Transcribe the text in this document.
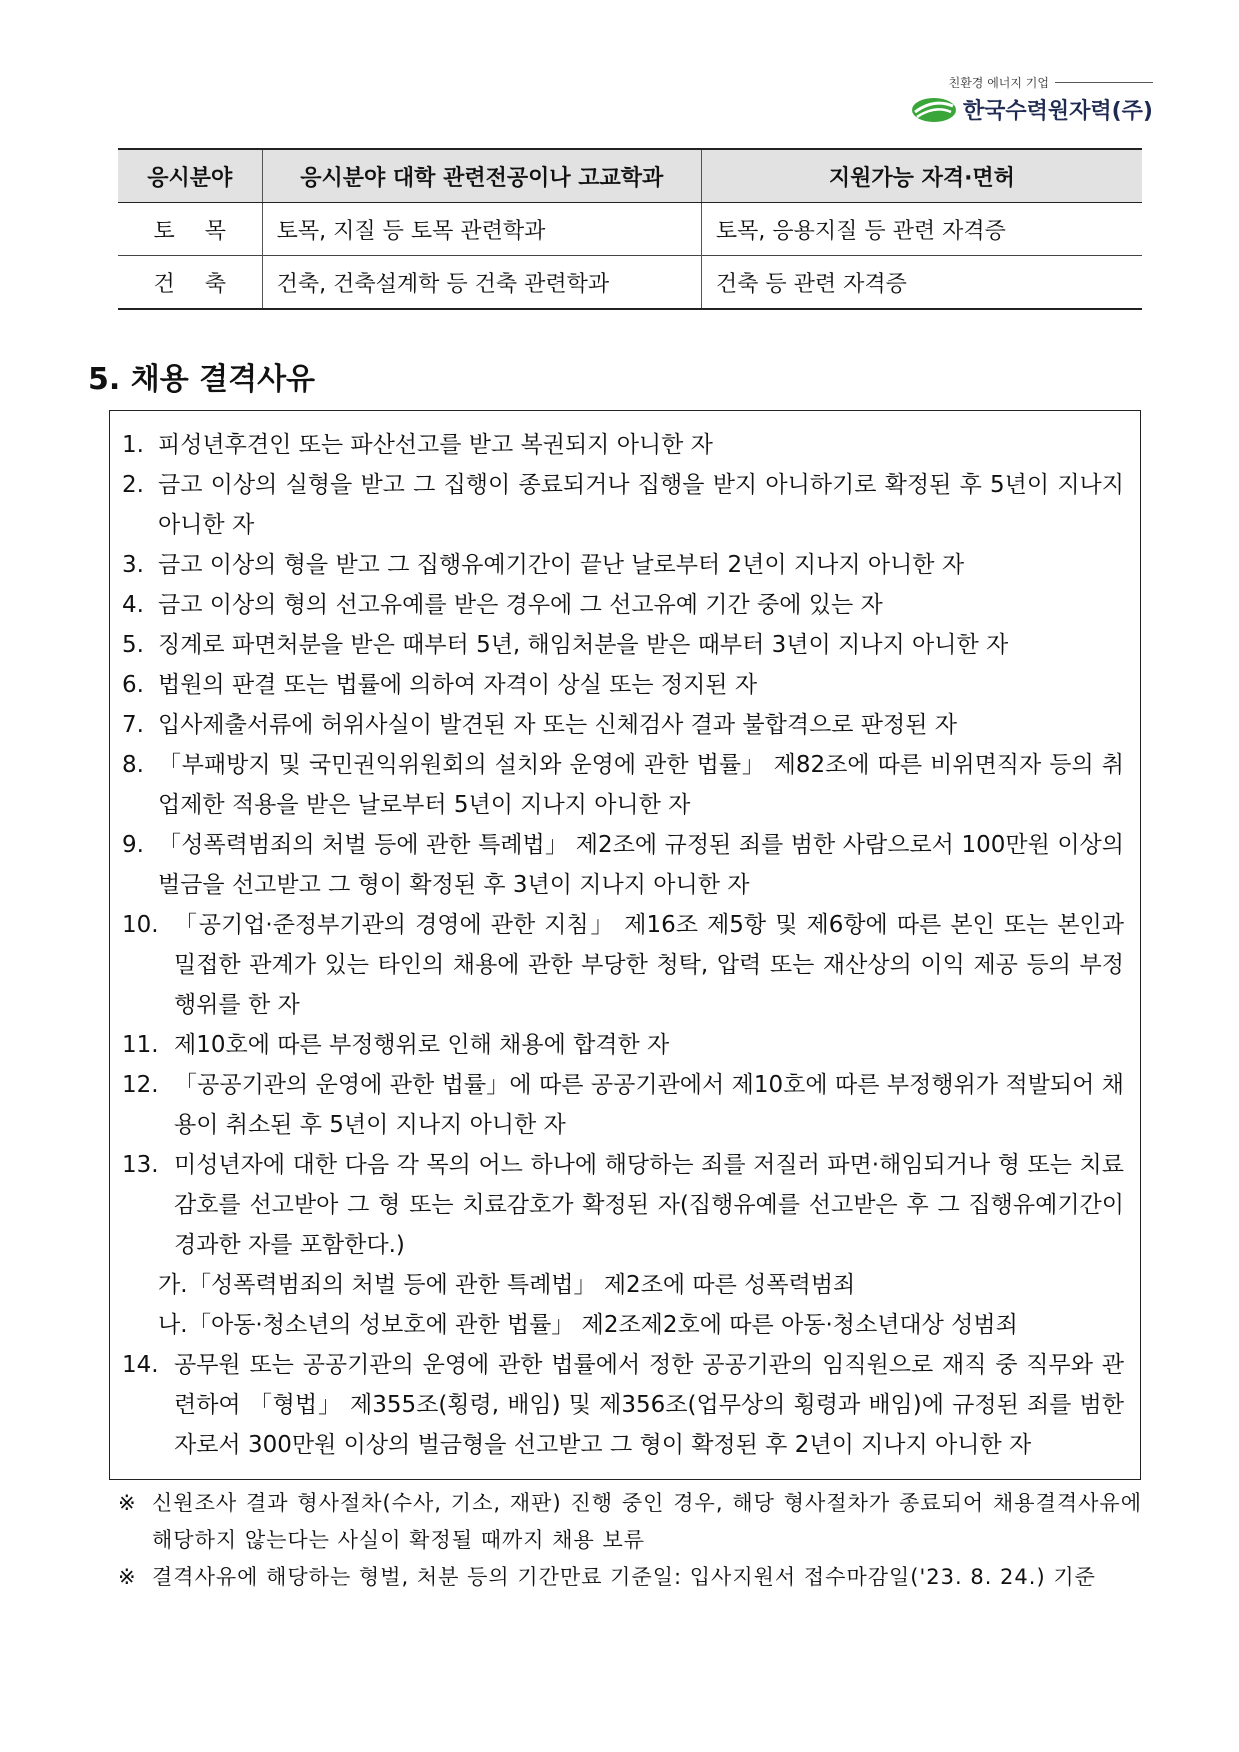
친환경 에너지 기업
한국수력원자력(주)
응시분야	응시분야 대학 관련전공이나 고교학과	지원가능 자격·면허
토목	토목, 지질 등 토목 관련학과	토목, 응용지질 등 관련 자격증
건축	건축, 건축설계학 등 건축 관련학과	건축 등 관련 자격증
5. 채용 결격사유
1. 피성년후견인 또는 파산선고를 받고 복권되지 아니한 자
2. 금고 이상의 실형을 받고 그 집행이 종료되거나 집행을 받지 아니하기로 확정된 후 5년이 지나지 아니한 자
3. 금고 이상의 형을 받고 그 집행유예기간이 끝난 날로부터 2년이 지나지 아니한 자
4. 금고 이상의 형의 선고유예를 받은 경우에 그 선고유예 기간 중에 있는 자
5. 징계로 파면처분을 받은 때부터 5년, 해임처분을 받은 때부터 3년이 지나지 아니한 자
6. 법원의 판결 또는 법률에 의하여 자격이 상실 또는 정지된 자
7. 입사제출서류에 허위사실이 발견된 자 또는 신체검사 결과 불합격으로 판정된 자
8. 「부패방지 및 국민권익위원회의 설치와 운영에 관한 법률」 제82조에 따른 비위면직자 등의 취업제한 적용을 받은 날로부터 5년이 지나지 아니한 자
9. 「성폭력범죄의 처벌 등에 관한 특례법」 제2조에 규정된 죄를 범한 사람으로서 100만원 이상의 벌금을 선고받고 그 형이 확정된 후 3년이 지나지 아니한 자
10. 「공기업·준정부기관의 경영에 관한 지침」 제16조 제5항 및 제6항에 따른 본인 또는 본인과 밀접한 관계가 있는 타인의 채용에 관한 부당한 청탁, 압력 또는 재산상의 이익 제공 등의 부정행위를 한 자
11. 제10호에 따른 부정행위로 인해 채용에 합격한 자
12. 「공공기관의 운영에 관한 법률」에 따른 공공기관에서 제10호에 따른 부정행위가 적발되어 채용이 취소된 후 5년이 지나지 아니한 자
13. 미성년자에 대한 다음 각 목의 어느 하나에 해당하는 죄를 저질러 파면·해임되거나 형 또는 치료감호를 선고받아 그 형 또는 치료감호가 확정된 자(집행유예를 선고받은 후 그 집행유예기간이 경과한 자를 포함한다.)
가. 「성폭력범죄의 처벌 등에 관한 특례법」 제2조에 따른 성폭력범죄
나. 「아동·청소년의 성보호에 관한 법률」 제2조제2호에 따른 아동·청소년대상 성범죄
14. 공무원 또는 공공기관의 운영에 관한 법률에서 정한 공공기관의 임직원으로 재직 중 직무와 관련하여 「형법」 제355조(횡령, 배임) 및 제356조(업무상의 횡령과 배임)에 규정된 죄를 범한 자로서 300만원 이상의 벌금형을 선고받고 그 형이 확정된 후 2년이 지나지 아니한 자
※ 신원조사 결과 형사절차(수사, 기소, 재판) 진행 중인 경우, 해당 형사절차가 종료되어 채용결격사유에 해당하지 않는다는 사실이 확정될 때까지 채용 보류
※ 결격사유에 해당하는 형벌, 처분 등의 기간만료 기준일: 입사지원서 접수마감일('23. 8. 24.) 기준
